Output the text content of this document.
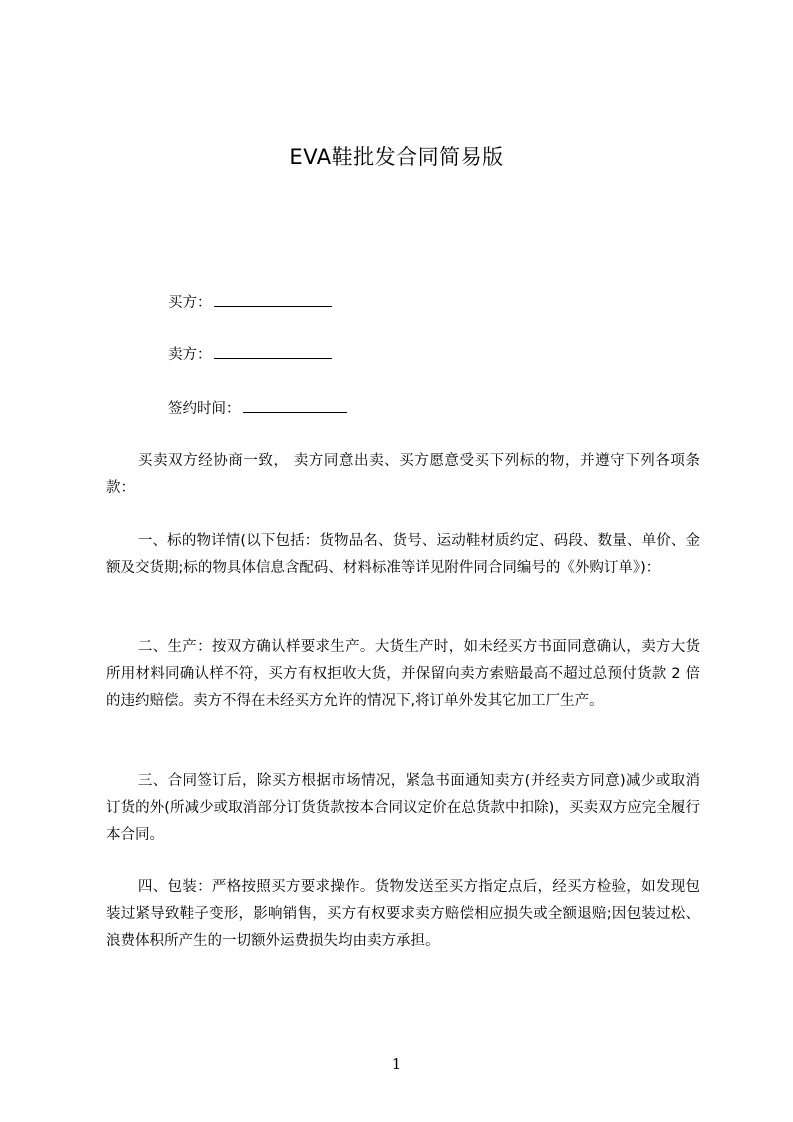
EVA鞋批发合同简易版
买方：
卖方：
签约时间：

买卖双方经协商一致， 卖方同意出卖、买方愿意受买下列标的物，并遵守下列各项条款：

一、标的物详情(以下包括：货物品名、货号、运动鞋材质约定、码段、数量、单价、金额及交货期;标的物具体信息含配码、材料标准等详见附件同合同编号的《外购订单》)：

二、生产：按双方确认样要求生产。大货生产时，如未经买方书面同意确认，卖方大货所用材料同确认样不符，买方有权拒收大货，并保留向卖方索赔最高不超过总预付货款 2 倍的违约赔偿。卖方不得在未经买方允许的情况下,将订单外发其它加工厂生产。

三、合同签订后，除买方根据市场情况，紧急书面通知卖方(并经卖方同意)减少或取消订货的外(所减少或取消部分订货货款按本合同议定价在总货款中扣除)，买卖双方应完全履行本合同。

四、包装：严格按照买方要求操作。货物发送至买方指定点后，经买方检验，如发现包装过紧导致鞋子变形，影响销售，买方有权要求卖方赔偿相应损失或全额退赔;因包装过松、浪费体积所产生的一切额外运费损失均由卖方承担。

1
